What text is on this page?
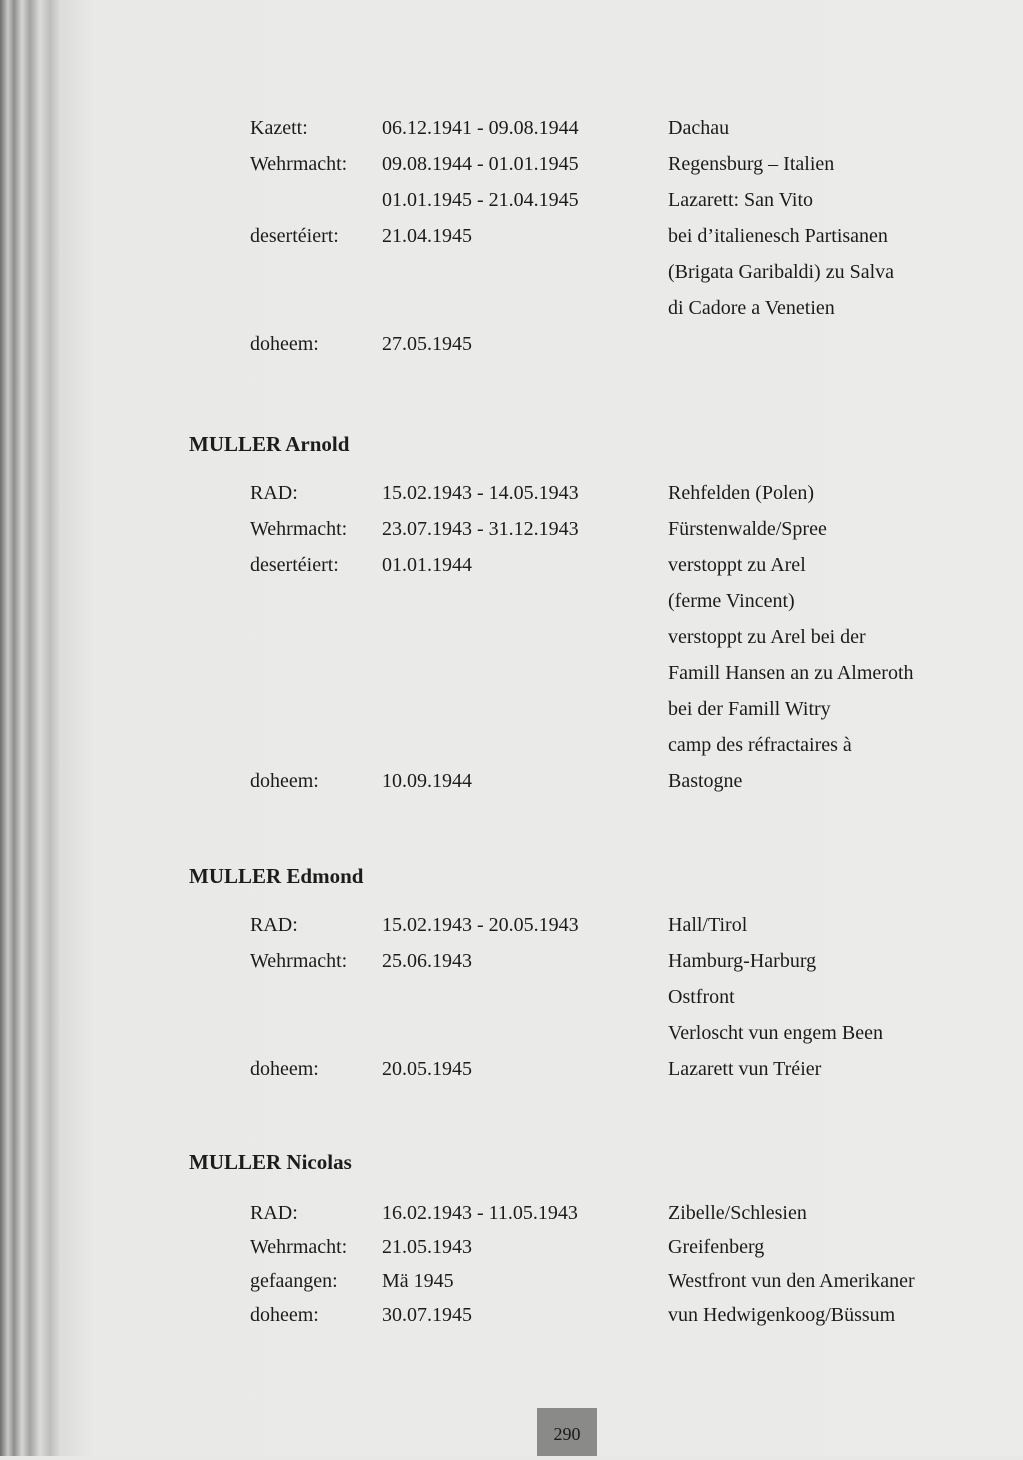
Kazett:	06.12.1941 - 09.08.1944	Dachau
Wehrmacht: 09.08.1944 - 01.01.1945	Regensburg – Italien
01.01.1945 - 21.04.1945	Lazarett: San Vito
desertéiert: 21.04.1945	bei d’italienesch Partisanen
(Brigata Garibaldi) zu Salva
di Cadore a Venetien
doheem:	27.05.1945
MULLER Arnold
RAD:	15.02.1943 - 14.05.1943	Rehfelden (Polen)
Wehrmacht: 23.07.1943 - 31.12.1943	Fürstenwalde/Spree
desertéiert: 01.01.1944	verstoppt zu Arel
(ferme Vincent)
verstoppt zu Arel bei der
Famill Hansen an zu Almeroth
bei der Famill Witry
camp des réfractaires à
doheem:	10.09.1944	Bastogne
MULLER Edmond
RAD:	15.02.1943 - 20.05.1943	Hall/Tirol
Wehrmacht: 25.06.1943	Hamburg-Harburg
Ostfront
Verloscht vun engem Been
doheem:	20.05.1945	Lazarett vun Tréier
MULLER Nicolas
RAD:	16.02.1943 - 11.05.1943	Zibelle/Schlesien
Wehrmacht: 21.05.1943	Greifenberg
gefaangen: Mä 1945	Westfront vun den Amerikaner
doheem:	30.07.1945	vun Hedwigenkoog/Büssum
290
